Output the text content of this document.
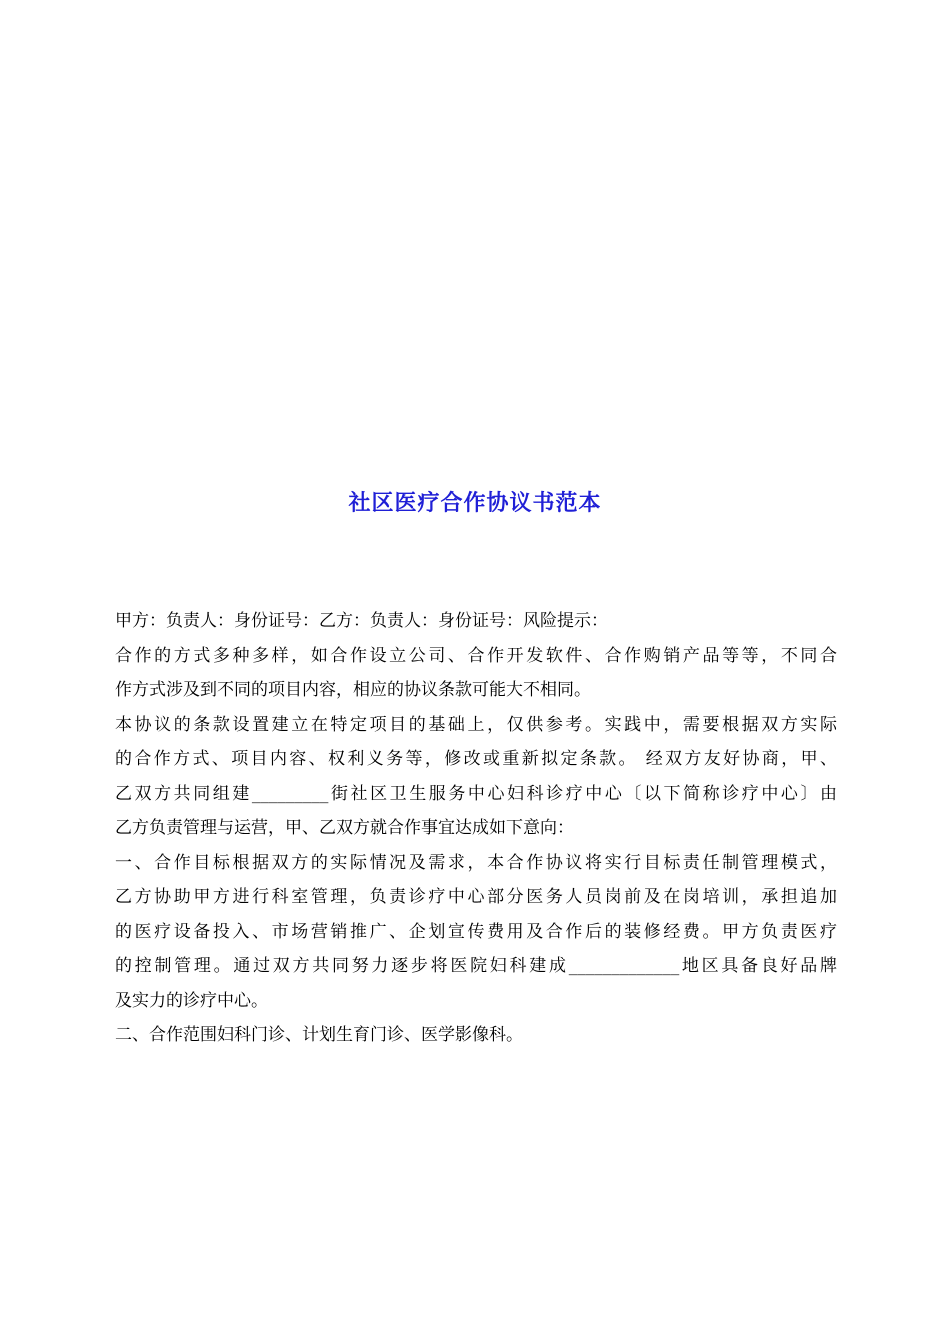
社区医疗合作协议书范本

甲方：负责人：身份证号：乙方：负责人：身份证号：风险提示：

合作的方式多种多样，如合作设立公司、合作开发软件、合作购销产品等等，不同合
作方式涉及到不同的项目内容，相应的协议条款可能大不相同。

本协议的条款设置建立在特定项目的基础上，仅供参考。实践中，需要根据双方实际
的合作方式、项目内容、权利义务等，修改或重新拟定条款。 经双方友好协商，甲、
乙双方共同组建_________街社区卫生服务中心妇科诊疗中心〔以下简称诊疗中心〕由
乙方负责管理与运营，甲、乙双方就合作事宜达成如下意向：

一、合作目标根据双方的实际情况及需求，本合作协议将实行目标责任制管理模式，
乙方协助甲方进行科室管理，负责诊疗中心部分医务人员岗前及在岗培训，承担追加
的医疗设备投入、市场营销推广、企划宣传费用及合作后的装修经费。甲方负责医疗
的控制管理。通过双方共同努力逐步将医院妇科建成_____________地区具备良好品牌
及实力的诊疗中心。

二、合作范围妇科门诊、计划生育门诊、医学影像科。
